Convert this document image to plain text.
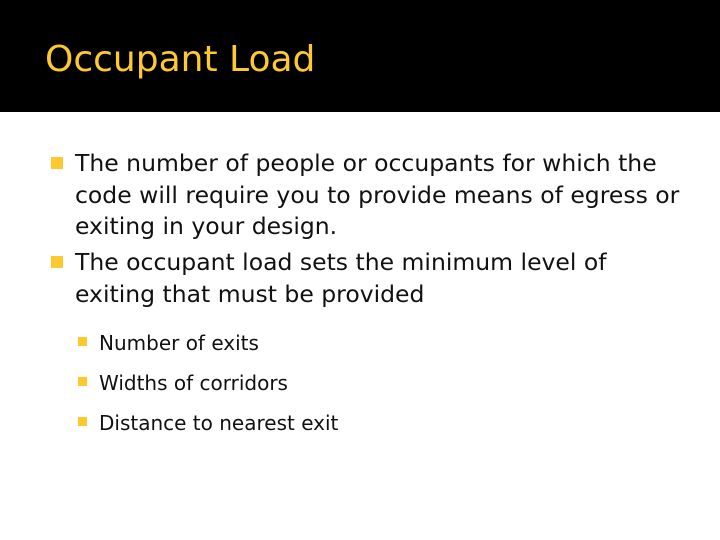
Occupant Load
The number of people or occupants for which the code will require you to provide means of egress or exiting in your design.
The occupant load sets the minimum level of exiting that must be provided
Number of exits
Widths of corridors
Distance to nearest exit
